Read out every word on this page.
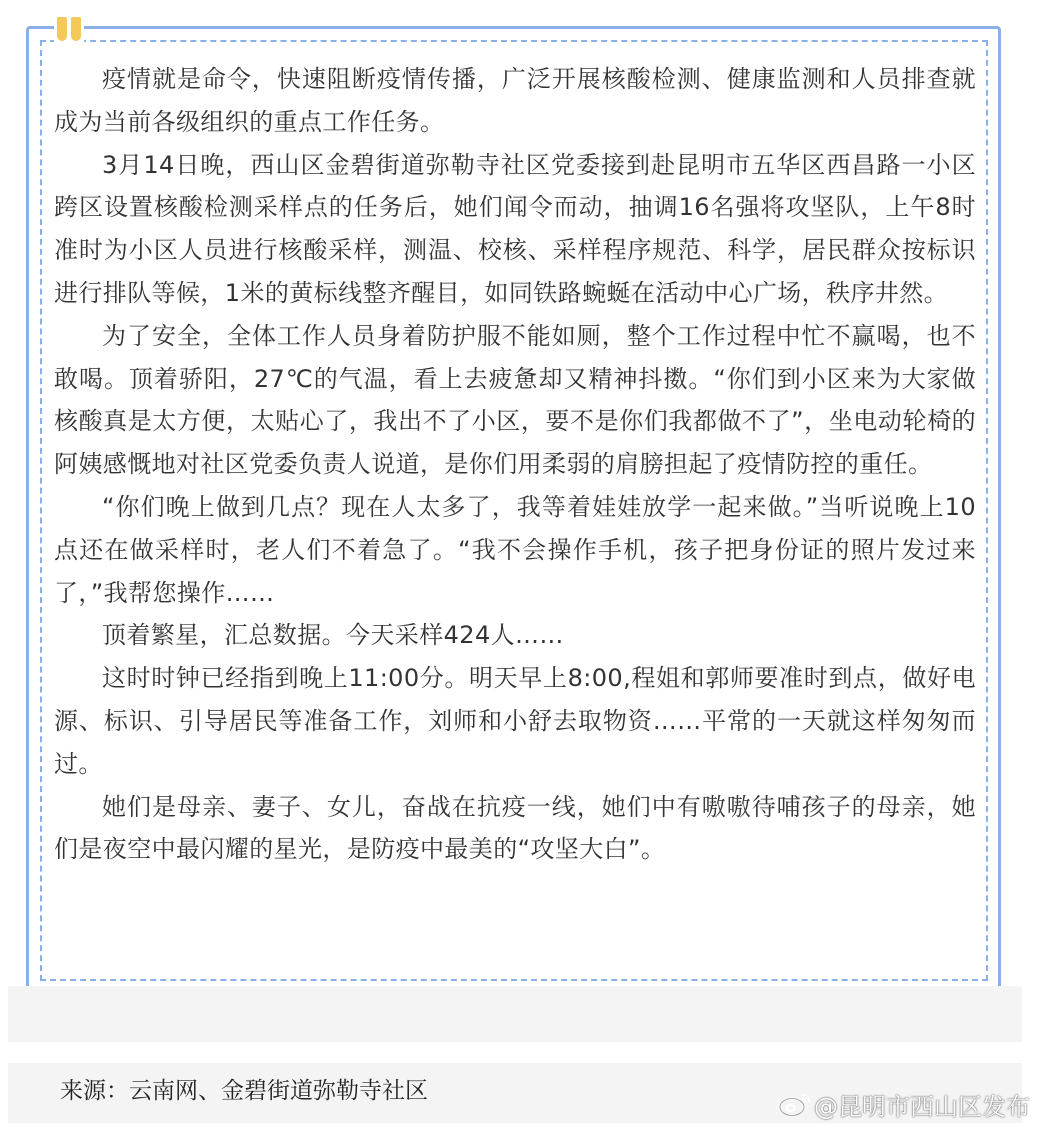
疫情就是命令，快速阻断疫情传播，广泛开展核酸检测、健康监测和人员排查就成为当前各级组织的重点工作任务。

3月14日晚，西山区金碧街道弥勒寺社区党委接到赴昆明市五华区西昌路一小区跨区设置核酸检测采样点的任务后，她们闻令而动，抽调16名强将攻坚队，上午8时准时为小区人员进行核酸采样，测温、校核、采样程序规范、科学，居民群众按标识进行排队等候，1米的黄标线整齐醒目，如同铁路蜿蜒在活动中心广场，秩序井然。

为了安全，全体工作人员身着防护服不能如厕，整个工作过程中忙不赢喝，也不敢喝。顶着骄阳，27℃的气温，看上去疲惫却又精神抖擞。“你们到小区来为大家做核酸真是太方便，太贴心了，我出不了小区，要不是你们我都做不了”，坐电动轮椅的阿姨感慨地对社区党委负责人说道，是你们用柔弱的肩膀担起了疫情防控的重任。

“你们晚上做到几点？现在人太多了，我等着娃娃放学一起来做。”当听说晚上10点还在做采样时，老人们不着急了。“我不会操作手机，孩子把身份证的照片发过来了，”我帮您操作……

顶着繁星，汇总数据。今天采样424人……

这时时钟已经指到晚上11:00分。明天早上8:00,程姐和郭师要准时到点，做好电源、标识、引导居民等准备工作，刘师和小舒去取物资……平常的一天就这样匆匆而过。

她们是母亲、妻子、女儿，奋战在抗疫一线，她们中有嗷嗷待哺孩子的母亲，她们是夜空中最闪耀的星光，是防疫中最美的“攻坚大白”。

来源：云南网、金碧街道弥勒寺社区
@昆明市西山区发布
